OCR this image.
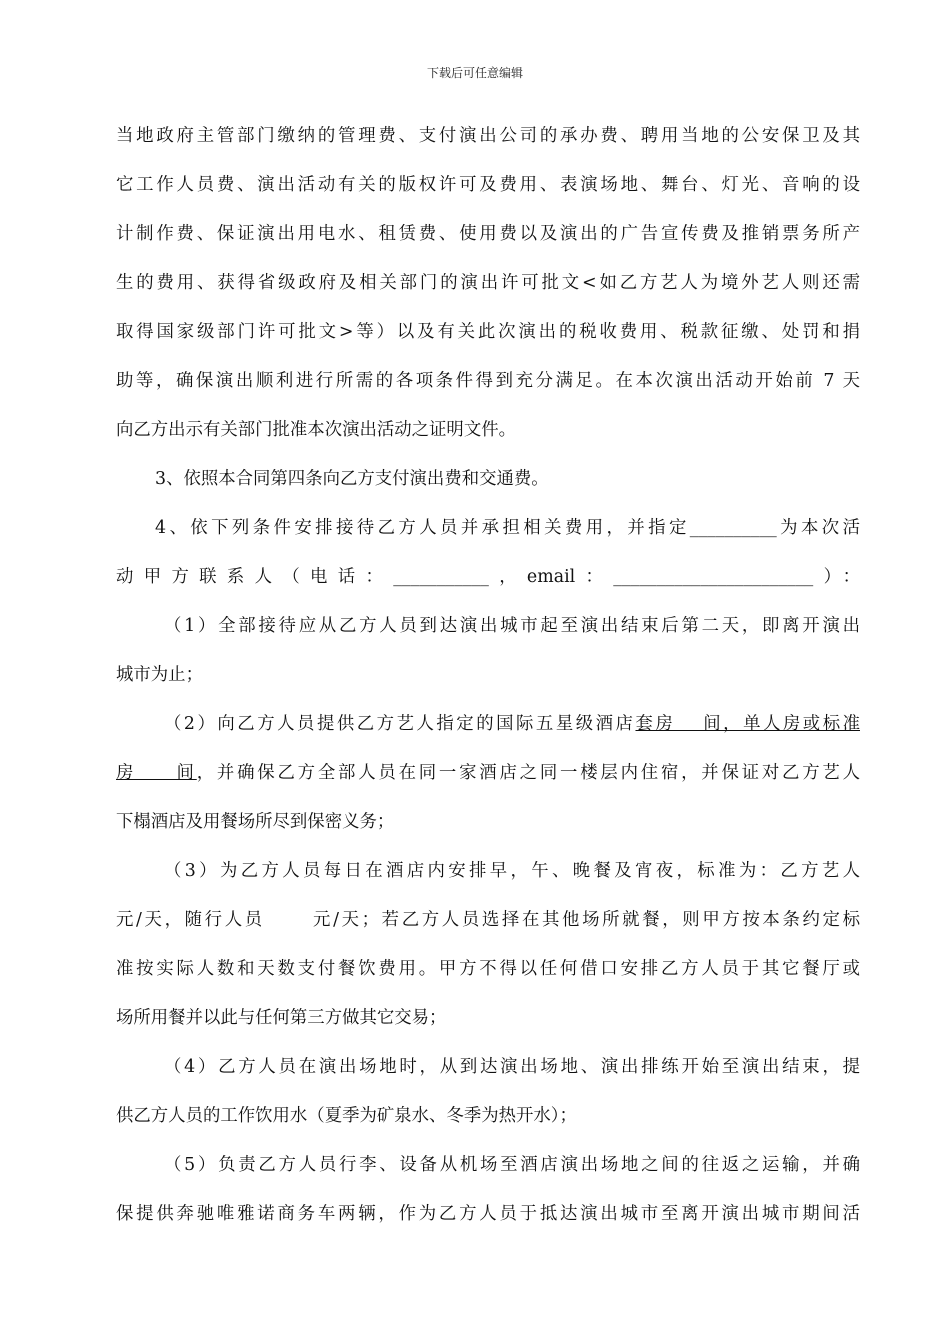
下载后可任意编辑
当地政府主管部门缴纳的管理费、支付演出公司的承办费、聘用当地的公安保卫及其
它工作人员费、演出活动有关的版权许可及费用、表演场地、舞台、灯光、音响的设
计制作费、保证演出用电水、租赁费、使用费以及演出的广告宣传费及推销票务所产
生的费用、获得省级政府及相关部门的演出许可批文<如乙方艺人为境外艺人则还需
取得国家级部门许可批文>等）以及有关此次演出的税收费用、税款征缴、处罚和捐
助等，确保演出顺利进行所需的各项条件得到充分满足。在本次演出活动开始前 7 天
向乙方出示有关部门批准本次演出活动之证明文件。
3、依照本合同第四条向乙方支付演出费和交通费。
4、依下列条件安排接待乙方人员并承担相关费用，并指定__________为本次活
动甲方联系人（电话：___________，email：_______________________）：
（1）全部接待应从乙方人员到达演出城市起至演出结束后第二天，即离开演出
城市为止；
（2）向乙方人员提供乙方艺人指定的国际五星级酒店套房　 间，单人房或标准
房　　间，并确保乙方全部人员在同一家酒店之同一楼层内住宿，并保证对乙方艺人
下榻酒店及用餐场所尽到保密义务；
（3）为乙方人员每日在酒店内安排早，午、晚餐及宵夜，标准为：乙方艺人
元/天，随行人员　　 元/天；若乙方人员选择在其他场所就餐，则甲方按本条约定标
准按实际人数和天数支付餐饮费用。甲方不得以任何借口安排乙方人员于其它餐厅或
场所用餐并以此与任何第三方做其它交易；
（4）乙方人员在演出场地时，从到达演出场地、演出排练开始至演出结束，提
供乙方人员的工作饮用水（夏季为矿泉水、冬季为热开水）；
（5）负责乙方人员行李、设备从机场至酒店演出场地之间的往返之运输，并确
保提供奔驰唯雅诺商务车两辆，作为乙方人员于抵达演出城市至离开演出城市期间活
